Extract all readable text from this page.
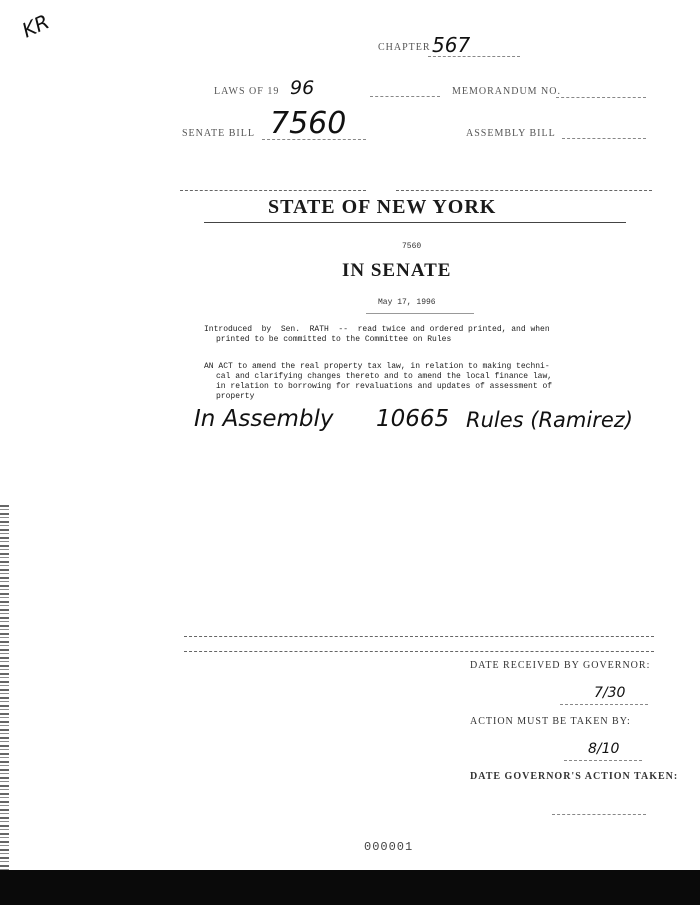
KR
CHAPTER 567
LAWS OF 19 96	MEMORANDUM NO.
SENATE BILL 7560	ASSEMBLY BILL
STATE OF NEW YORK
7560
IN SENATE
May 17, 1996
Introduced  by  Sen.  RATH  --  read twice and ordered printed, and when
printed to be committed to the Committee on Rules
AN ACT to amend the real property tax law, in relation to making techni-
cal and clarifying changes thereto and to amend the local finance law,
in relation to borrowing for revaluations and updates of assessment of
property
In Assembly 10665 Rules (Ramirez)
DATE RECEIVED BY GOVERNOR:
7/30
ACTION MUST BE TAKEN BY:
8/10
DATE GOVERNOR'S ACTION TAKEN:
000001
